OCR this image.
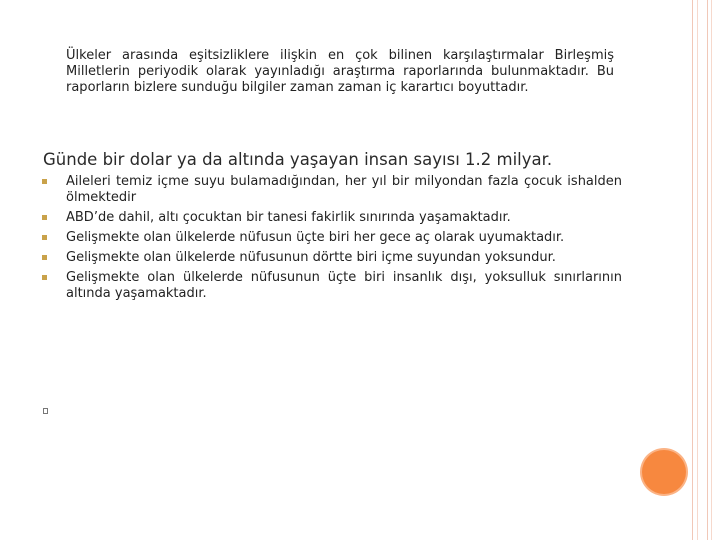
Ülkeler arasında eşitsizliklere ilişkin en çok bilinen karşılaştırmalar Birleşmiş Milletlerin periyodik olarak yayınladığı araştırma raporlarında bulunmaktadır. Bu raporların bizlere sunduğu bilgiler zaman zaman iç karartıcı boyuttadır.

Günde bir dolar ya da altında yaşayan insan sayısı 1.2 milyar.
Aileleri temiz içme suyu bulamadığından, her yıl bir milyondan fazla çocuk ishalden ölmektedir
ABD’de dahil, altı çocuktan bir tanesi fakirlik sınırında yaşamaktadır.
Gelişmekte olan ülkelerde nüfusun üçte biri her gece aç olarak uyumaktadır.
Gelişmekte olan ülkelerde nüfusunun dörtte biri içme suyundan yoksundur.
Gelişmekte olan ülkelerde nüfusunun üçte biri insanlık dışı, yoksulluk sınırlarının altında yaşamaktadır.
